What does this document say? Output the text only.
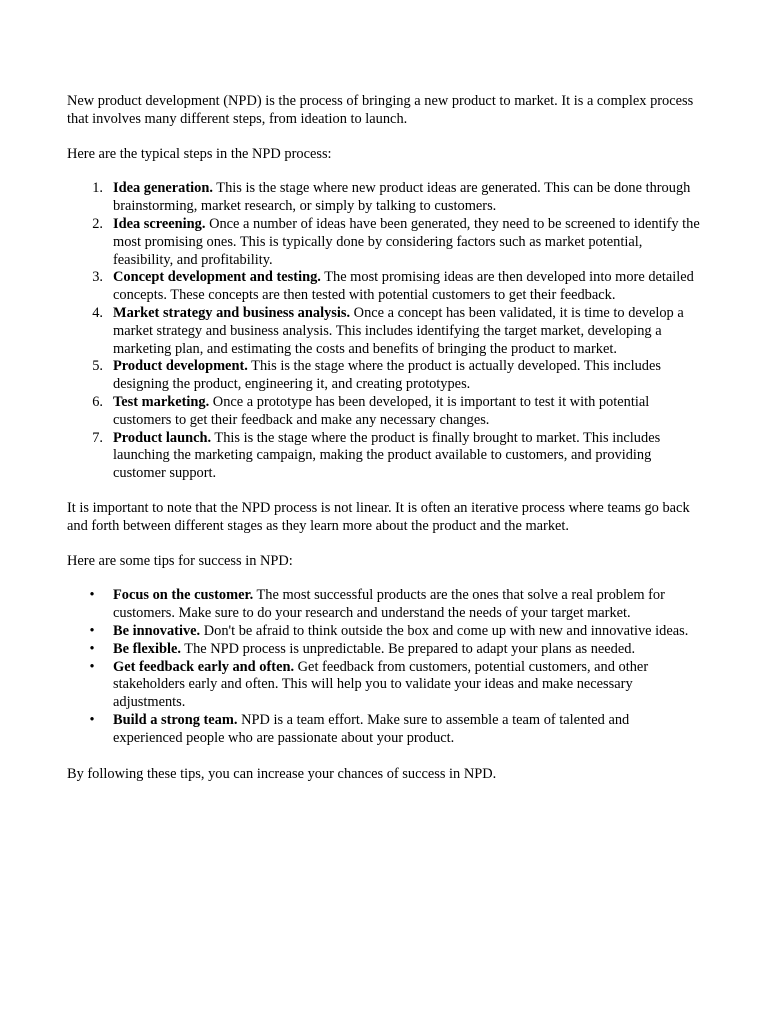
New product development (NPD) is the process of bringing a new product to market. It is a complex process that involves many different steps, from ideation to launch.

Here are the typical steps in the NPD process:

1. Idea generation. This is the stage where new product ideas are generated. This can be done through brainstorming, market research, or simply by talking to customers.
2. Idea screening. Once a number of ideas have been generated, they need to be screened to identify the most promising ones. This is typically done by considering factors such as market potential, feasibility, and profitability.
3. Concept development and testing. The most promising ideas are then developed into more detailed concepts. These concepts are then tested with potential customers to get their feedback.
4. Market strategy and business analysis. Once a concept has been validated, it is time to develop a market strategy and business analysis. This includes identifying the target market, developing a marketing plan, and estimating the costs and benefits of bringing the product to market.
5. Product development. This is the stage where the product is actually developed. This includes designing the product, engineering it, and creating prototypes.
6. Test marketing. Once a prototype has been developed, it is important to test it with potential customers to get their feedback and make any necessary changes.
7. Product launch. This is the stage where the product is finally brought to market. This includes launching the marketing campaign, making the product available to customers, and providing customer support.

It is important to note that the NPD process is not linear. It is often an iterative process where teams go back and forth between different stages as they learn more about the product and the market.

Here are some tips for success in NPD:

• Focus on the customer. The most successful products are the ones that solve a real problem for customers. Make sure to do your research and understand the needs of your target market.
• Be innovative. Don't be afraid to think outside the box and come up with new and innovative ideas.
• Be flexible. The NPD process is unpredictable. Be prepared to adapt your plans as needed.
• Get feedback early and often. Get feedback from customers, potential customers, and other stakeholders early and often. This will help you to validate your ideas and make necessary adjustments.
• Build a strong team. NPD is a team effort. Make sure to assemble a team of talented and experienced people who are passionate about your product.

By following these tips, you can increase your chances of success in NPD.
